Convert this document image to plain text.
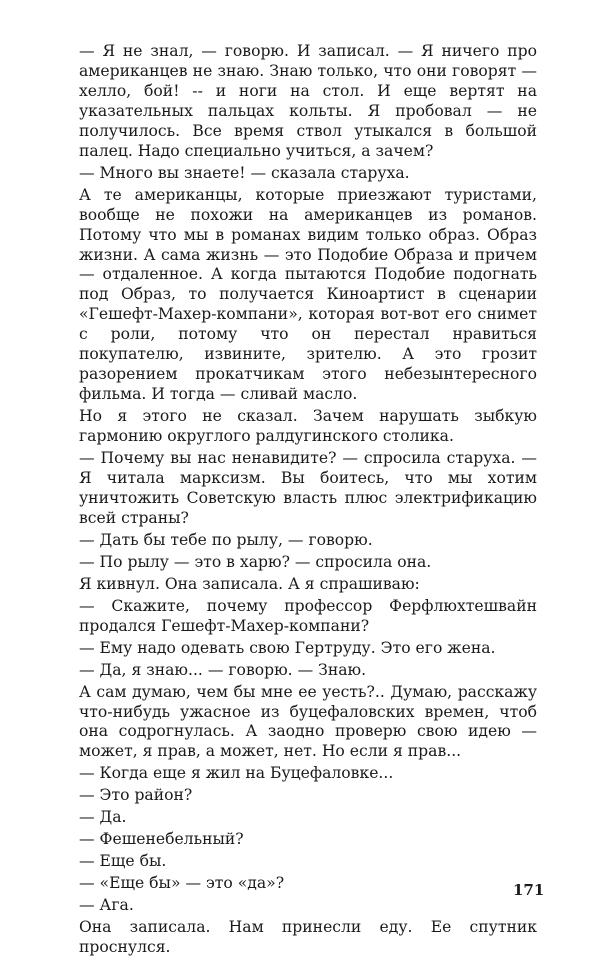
— Я не знал, — говорю. И записал. — Я ничего про американцев не знаю. Знаю только, что они говорят — хелло, бой! -- и ноги на стол. И еще вертят на указательных пальцах кольты. Я пробовал — не получилось. Все время ствол утыкался в большой палец. Надо специально учиться, а зачем?

— Много вы знаете! — сказала старуха.

А те американцы, которые приезжают туристами, вообще не похожи на американцев из романов. Потому что мы в романах видим только образ. Образ жизни. А сама жизнь — это Подобие Образа и причем — отдаленное. А когда пытаются Подобие подогнать под Образ, то получается Киноартист в сценарии «Гешефт-Махер-компани», которая вот-вот его снимет с роли, потому что он перестал нравиться покупателю, извините, зрителю. А это грозит разорением прокатчикам этого небезынтересного фильма. И тогда — сливай масло.

Но я этого не сказал. Зачем нарушать зыбкую гармонию округлого ралдугинского столика.

— Почему вы нас ненавидите? — спросила старуха. — Я читала марксизм. Вы боитесь, что мы хотим уничтожить Советскую власть плюс электрификацию всей страны?

— Дать бы тебе по рылу, — говорю.

— По рылу — это в харю? — спросила она.

Я кивнул. Она записала. А я спрашиваю:

— Скажите, почему профессор Ферфлюхтешвайн продался Гешефт-Махер-компани?

— Ему надо одевать свою Гертруду. Это его жена.

— Да, я знаю... — говорю. — Знаю.

А сам думаю, чем бы мне ее уесть?.. Думаю, расскажу что-нибудь ужасное из буцефаловских времен, чтоб она содрогнулась. А заодно проверю свою идею — может, я прав, а может, нет. Но если я прав...

— Когда еще я жил на Буцефаловке...

— Это район?

— Да.

— Фешенебельный?

— Еще бы.

— «Еще бы» — это «да»?

— Ага.

Она записала. Нам принесли еду. Ее спутник проснулся.

171
